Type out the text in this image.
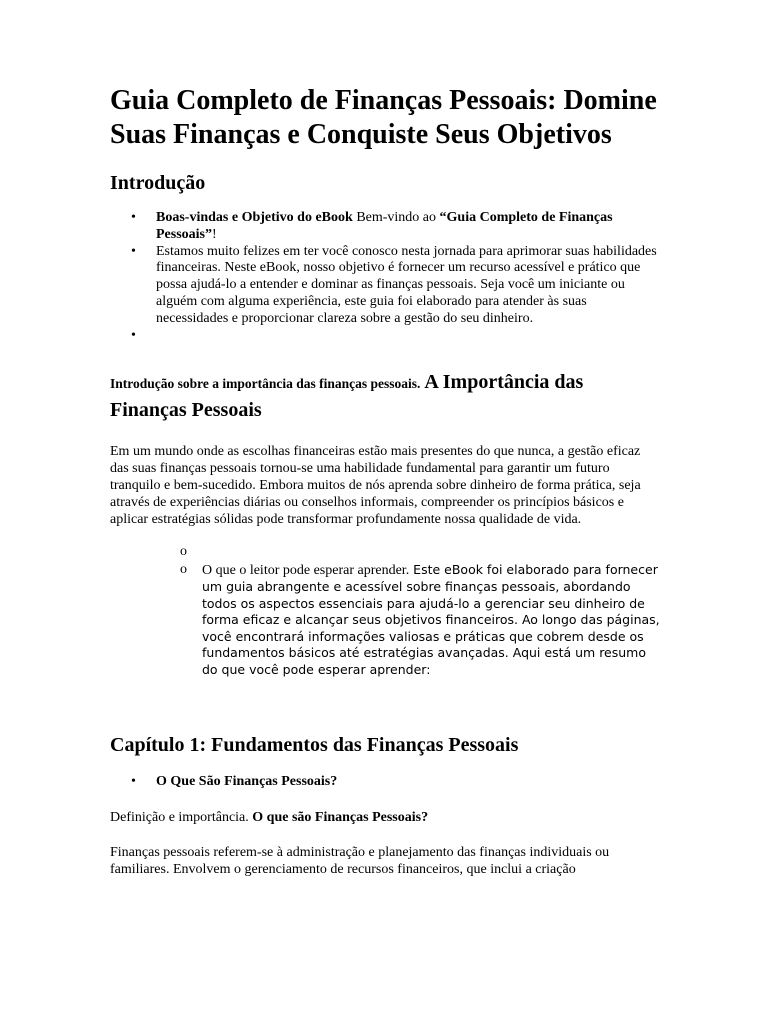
Guia Completo de Finanças Pessoais: Domine Suas Finanças e Conquiste Seus Objetivos
Introdução
• Boas-vindas e Objetivo do eBook Bem-vindo ao “Guia Completo de Finanças Pessoais”!
• Estamos muito felizes em ter você conosco nesta jornada para aprimorar suas habilidades financeiras. Neste eBook, nosso objetivo é fornecer um recurso acessível e prático que possa ajudá-lo a entender e dominar as finanças pessoais. Seja você um iniciante ou alguém com alguma experiência, este guia foi elaborado para atender às suas necessidades e proporcionar clareza sobre a gestão do seu dinheiro.
•
Introdução sobre a importância das finanças pessoais. A Importância das Finanças Pessoais

Em um mundo onde as escolhas financeiras estão mais presentes do que nunca, a gestão eficaz das suas finanças pessoais tornou-se uma habilidade fundamental para garantir um futuro tranquilo e bem-sucedido. Embora muitos de nós aprenda sobre dinheiro de forma prática, seja através de experiências diárias ou conselhos informais, compreender os princípios básicos e aplicar estratégias sólidas pode transformar profundamente nossa qualidade de vida.

o
o O que o leitor pode esperar aprender. Este eBook foi elaborado para fornecer um guia abrangente e acessível sobre finanças pessoais, abordando todos os aspectos essenciais para ajudá-lo a gerenciar seu dinheiro de forma eficaz e alcançar seus objetivos financeiros. Ao longo das páginas, você encontrará informações valiosas e práticas que cobrem desde os fundamentos básicos até estratégias avançadas. Aqui está um resumo do que você pode esperar aprender:
Capítulo 1: Fundamentos das Finanças Pessoais
• O Que São Finanças Pessoais?

Definição e importância. O que são Finanças Pessoais?

Finanças pessoais referem-se à administração e planejamento das finanças individuais ou familiares. Envolvem o gerenciamento de recursos financeiros, que inclui a criação
